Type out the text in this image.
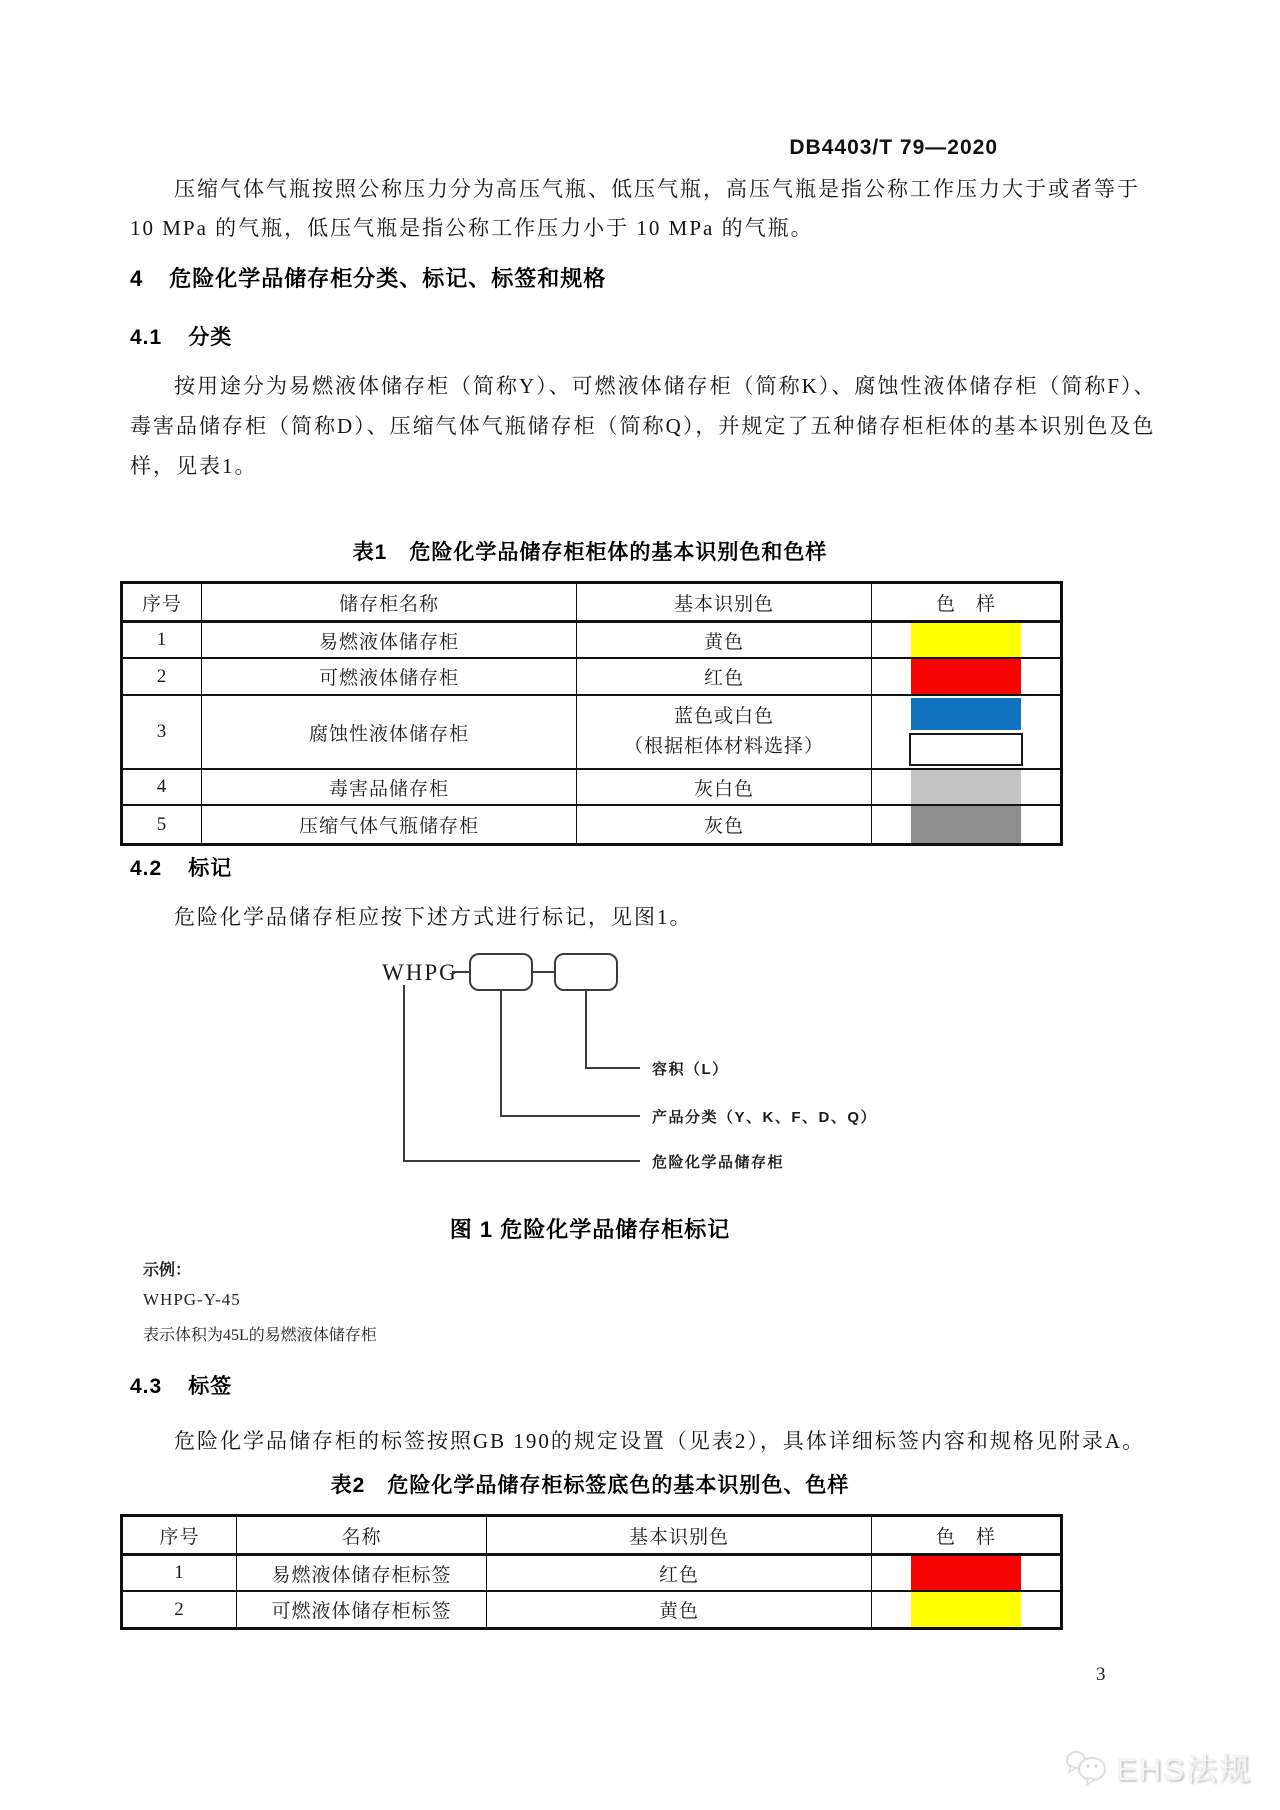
DB4403/T 79—2020
压缩气体气瓶按照公称压力分为高压气瓶、低压气瓶，高压气瓶是指公称工作压力大于或者等于
10 MPa 的气瓶，低压气瓶是指公称工作压力小于 10 MPa 的气瓶。
4 危险化学品储存柜分类、标记、标签和规格
4.1 分类
按用途分为易燃液体储存柜（简称Y）、可燃液体储存柜（简称K）、腐蚀性液体储存柜（简称F）、
毒害品储存柜（简称D）、压缩气体气瓶储存柜（简称Q），并规定了五种储存柜柜体的基本识别色及色
样，见表1。
表1 危险化学品储存柜柜体的基本识别色和色样
序号	储存柜名称	基本识别色	色　样
1	易燃液体储存柜	黄色	

2	可燃液体储存柜	红色	

3	腐蚀性液体储存柜	蓝色或白色
（根据柜体材料选择）	

4	毒害品储存柜	灰白色	

5	压缩气体气瓶储存柜	灰色	
4.2 标记
危险化学品储存柜应按下述方式进行标记，见图1。
WHPG
容积（L）
产品分类（Y、K、F、D、Q）
危险化学品储存柜
图 1 危险化学品储存柜标记
示例：
WHPG-Y-45
表示体积为45L的易燃液体储存柜
4.3 标签
危险化学品储存柜的标签按照GB 190的规定设置（见表2），具体详细标签内容和规格见附录A。
表2 危险化学品储存柜标签底色的基本识别色、色样
序号	名称	基本识别色	色　样
1	易燃液体储存柜标签	红色	

2	可燃液体储存柜标签	黄色	
3
EHS法规
